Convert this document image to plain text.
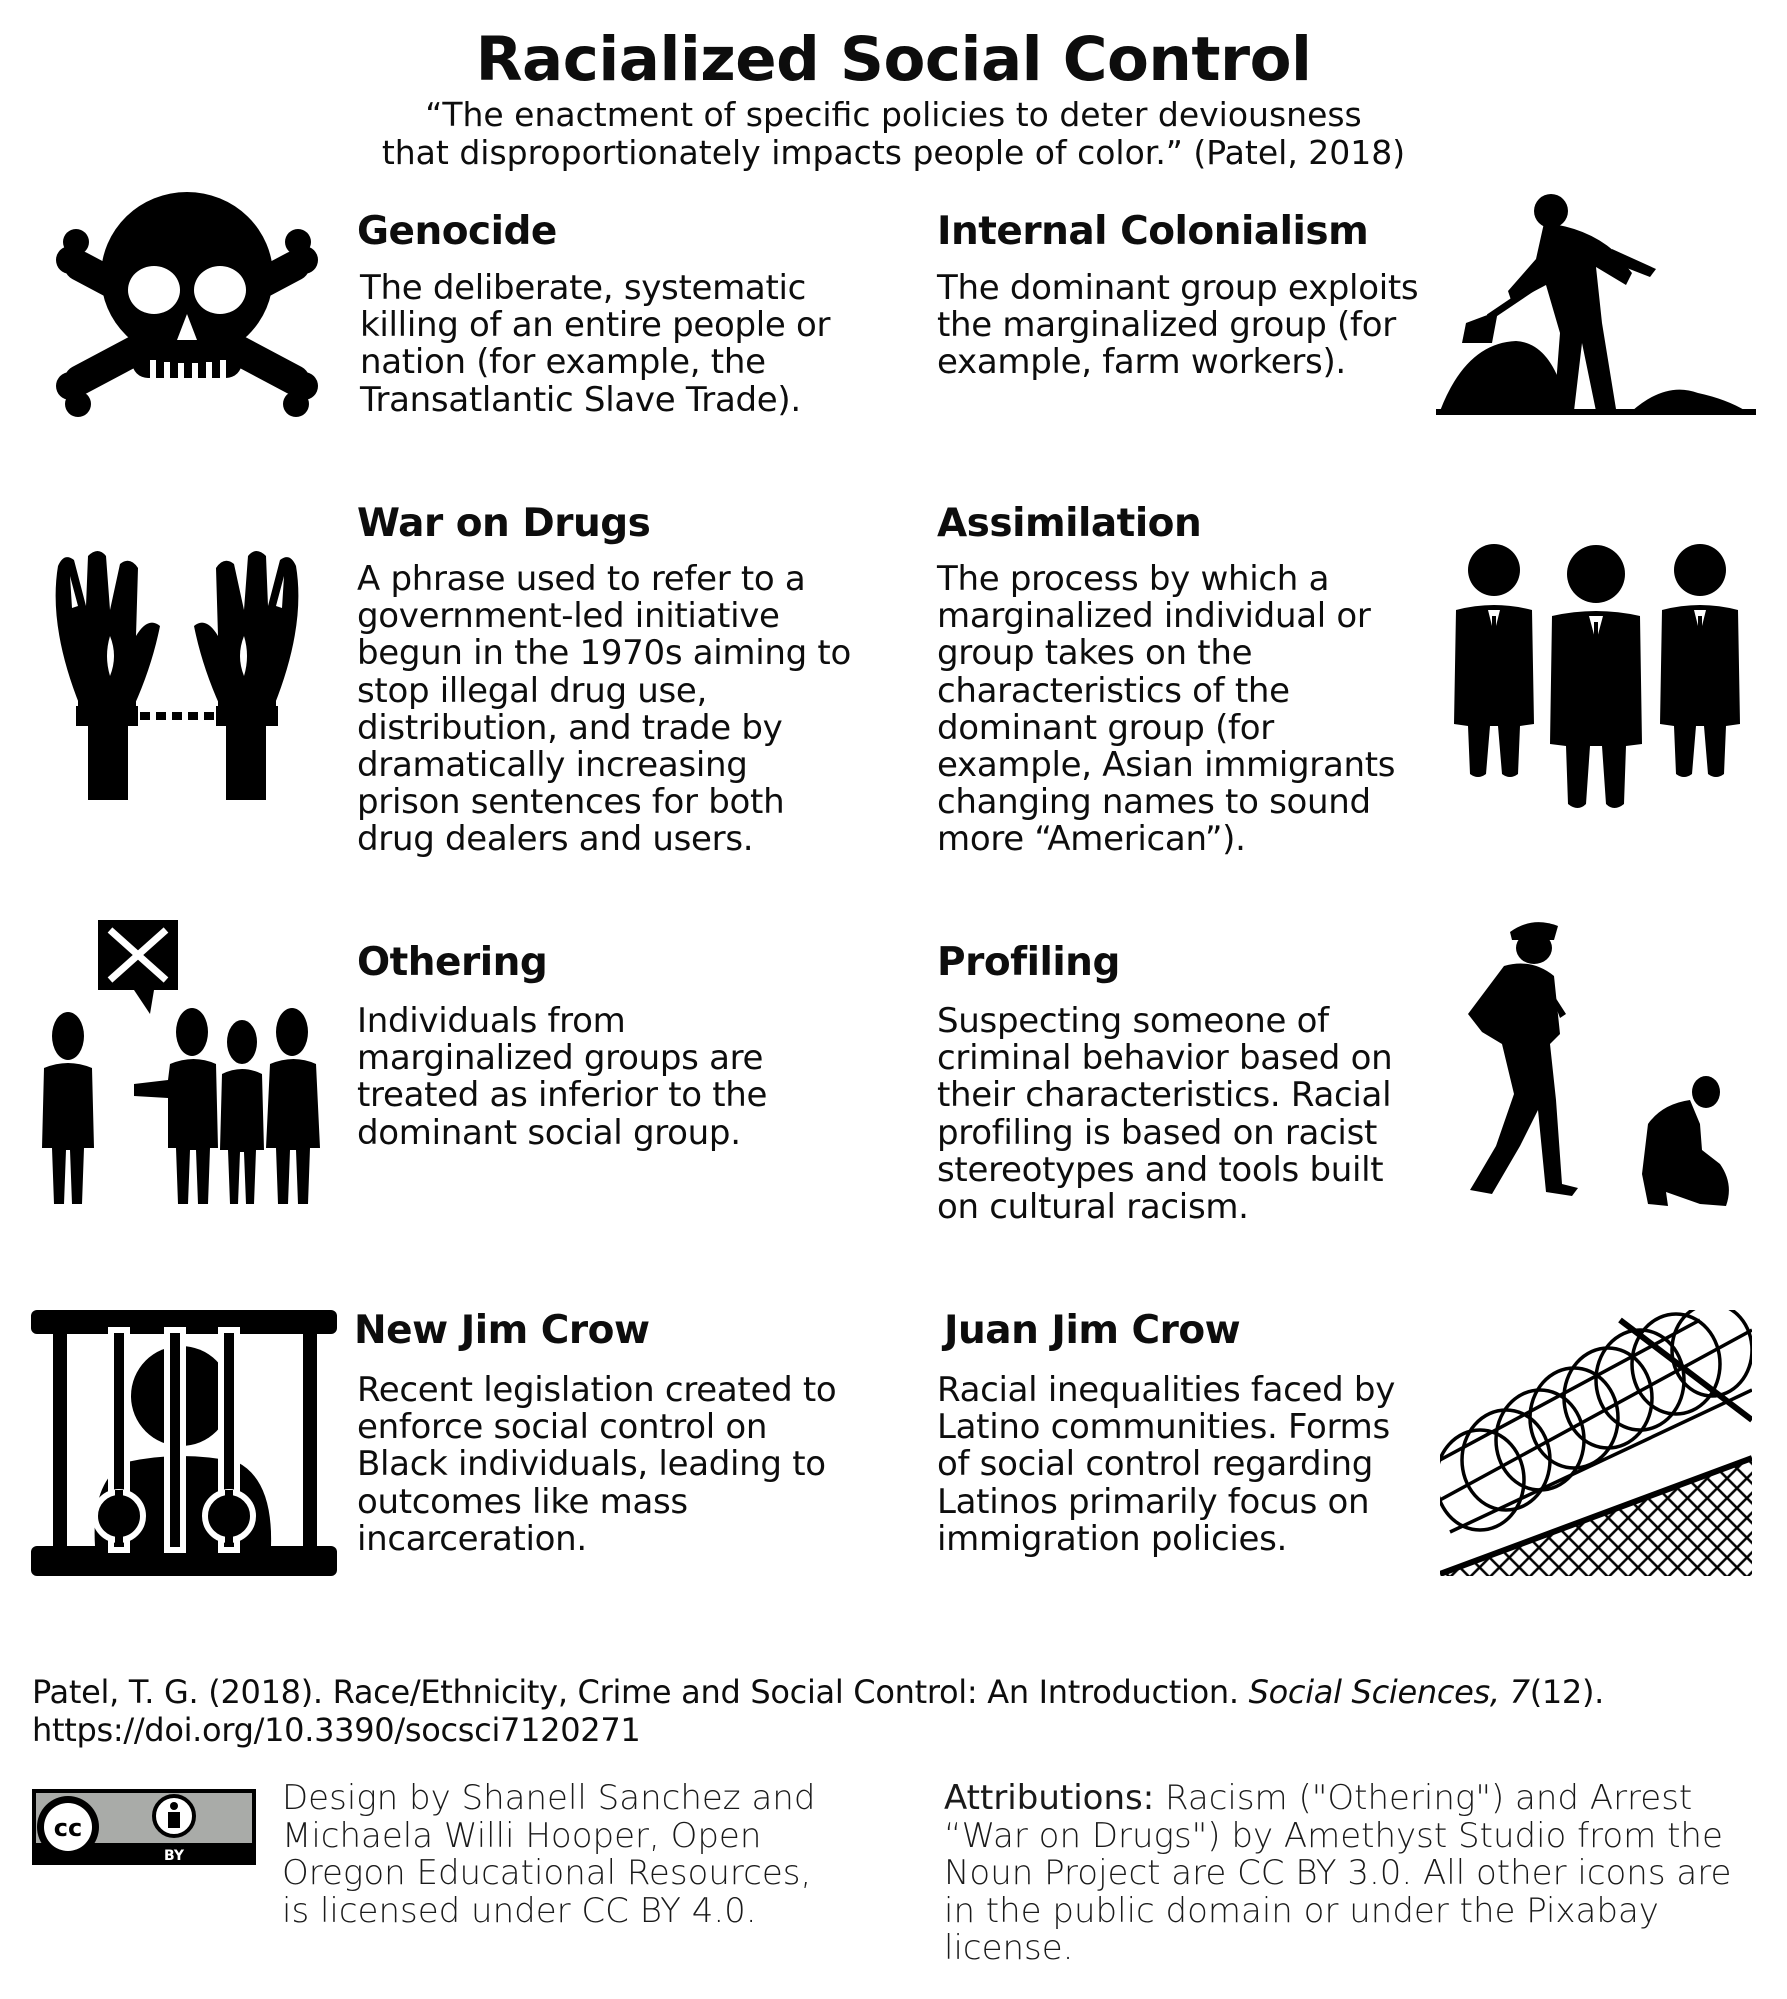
Racialized Social Control
“The enactment of specific policies to deter deviousness
that disproportionately impacts people of color.” (Patel, 2018)
Genocide
The deliberate, systematic
killing of an entire people or
nation (for example, the
Transatlantic Slave Trade).
Internal Colonialism
The dominant group exploits
the marginalized group (for
example, farm workers).
War on Drugs
A phrase used to refer to a
government-led initiative
begun in the 1970s aiming to
stop illegal drug use,
distribution, and trade by
dramatically increasing
prison sentences for both
drug dealers and users.
Assimilation
The process by which a
marginalized individual or
group takes on the
characteristics of the
dominant group (for
example, Asian immigrants
changing names to sound
more “American”).
Othering
Individuals from
marginalized groups are
treated as inferior to the
dominant social group.
Profiling
Suspecting someone of
criminal behavior based on
their characteristics. Racial
profiling is based on racist
stereotypes and tools built
on cultural racism.
New Jim Crow
Recent legislation created to
enforce social control on
Black individuals, leading to
outcomes like mass
incarceration.
Juan Jim Crow
Racial inequalities faced by
Latino communities. Forms
of social control regarding
Latinos primarily focus on
immigration policies.
Patel, T. G. (2018). Race/Ethnicity, Crime and Social Control: An Introduction. Social Sciences, 7(12).
https://doi.org/10.3390/socsci7120271
cc
BY
Design by Shanell Sanchez and
Michaela Willi Hooper, Open
Oregon Educational Resources,
is licensed under CC BY 4.0.
Attributions: Racism ("Othering") and Arrest
“War on Drugs") by Amethyst Studio from the
Noun Project are CC BY 3.0. All other icons are
in the public domain or under the Pixabay
license.
